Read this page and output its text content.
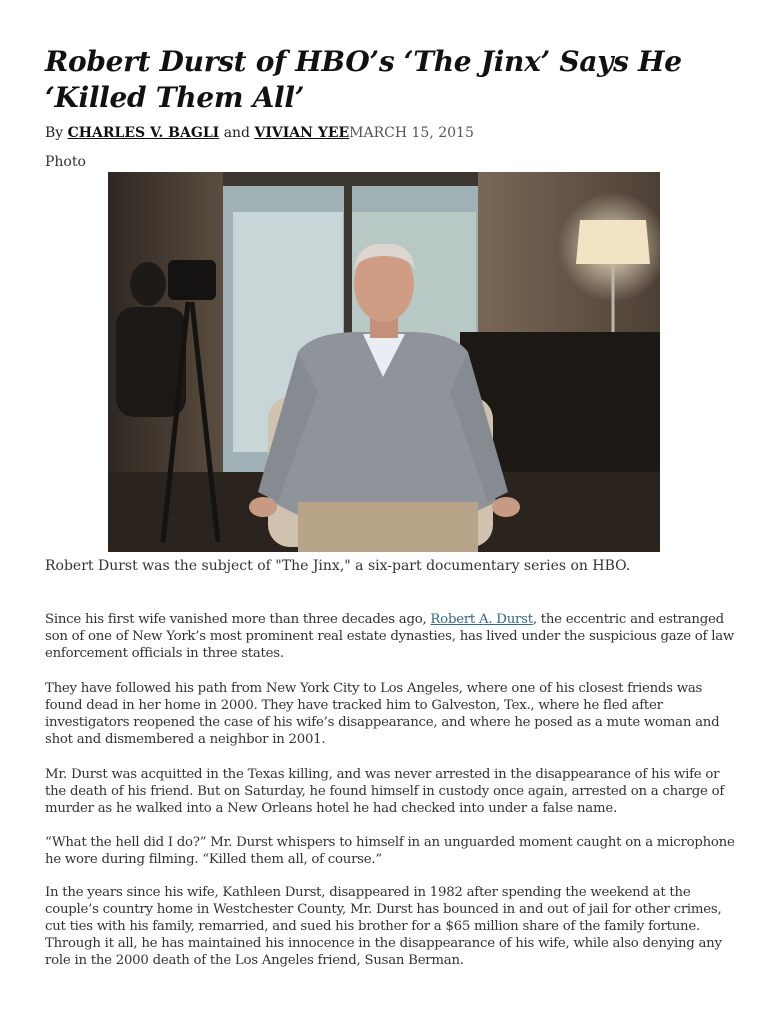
Robert Durst of HBO’s ‘The Jinx’ Says He ‘Killed Them All’
By CHARLES V. BAGLI and VIVIAN YEEMARCH 15, 2015
Photo
Robert Durst was the subject of "The Jinx," a six-part documentary series on HBO.

Since his first wife vanished more than three decades ago, Robert A. Durst, the eccentric and estranged son of one of New York’s most prominent real estate dynasties, has lived under the suspicious gaze of law enforcement officials in three states.

They have followed his path from New York City to Los Angeles, where one of his closest friends was found dead in her home in 2000. They have tracked him to Galveston, Tex., where he fled after investigators reopened the case of his wife’s disappearance, and where he posed as a mute woman and shot and dismembered a neighbor in 2001.

Mr. Durst was acquitted in the Texas killing, and was never arrested in the disappearance of his wife or the death of his friend. But on Saturday, he found himself in custody once again, arrested on a charge of murder as he walked into a New Orleans hotel he had checked into under a false name.

“What the hell did I do?” Mr. Durst whispers to himself in an unguarded moment caught on a microphone he wore during filming. “Killed them all, of course.”

In the years since his wife, Kathleen Durst, disappeared in 1982 after spending the weekend at the couple’s country home in Westchester County, Mr. Durst has bounced in and out of jail for other crimes, cut ties with his family, remarried, and sued his brother for a $65 million share of the family fortune. Through it all, he has maintained his innocence in the disappearance of his wife, while also denying any role in the 2000 death of the Los Angeles friend, Susan Berman.
